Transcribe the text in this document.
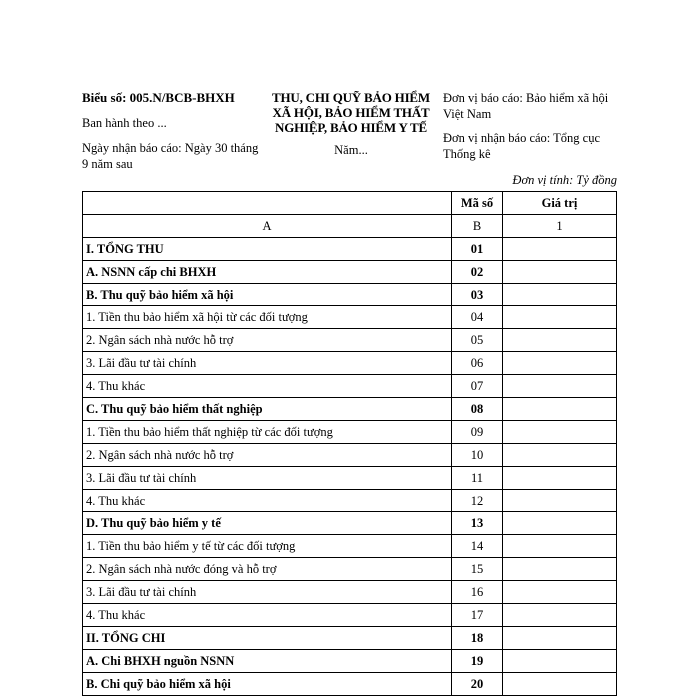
Biểu số: 005.N/BCB-BHXH
Ban hành theo ...
Ngày nhận báo cáo: Ngày 30 tháng 9 năm sau
THU, CHI QUỸ BẢO HIỂM XÃ HỘI, BẢO HIỂM THẤT NGHIỆP, BẢO HIỂM Y TẾ
Năm...
Đơn vị báo cáo: Bảo hiểm xã hội Việt Nam
Đơn vị nhận báo cáo: Tổng cục Thống kê
Đơn vị tính: Tỷ đồng
	Mã số	Giá trị
A	B	1
I. TỔNG THU	01	
A. NSNN cấp chi BHXH	02	
B. Thu quỹ bảo hiểm xã hội	03	
1. Tiền thu bảo hiểm xã hội từ các đối tượng	04	
2. Ngân sách nhà nước hỗ trợ	05	
3. Lãi đầu tư tài chính	06	
4. Thu khác	07	
C. Thu quỹ bảo hiểm thất nghiệp	08	
1. Tiền thu bảo hiểm thất nghiệp từ các đối tượng	09	
2. Ngân sách nhà nước hỗ trợ	10	
3. Lãi đầu tư tài chính	11	
4. Thu khác	12	
D. Thu quỹ bảo hiểm y tế	13	
1. Tiền thu bảo hiểm y tế từ các đối tượng	14	
2. Ngân sách nhà nước đóng và hỗ trợ	15	
3. Lãi đầu tư tài chính	16	
4. Thu khác	17	
II. TỔNG CHI	18	
A. Chi BHXH nguồn NSNN	19	
B. Chi quỹ bảo hiểm xã hội	20	
